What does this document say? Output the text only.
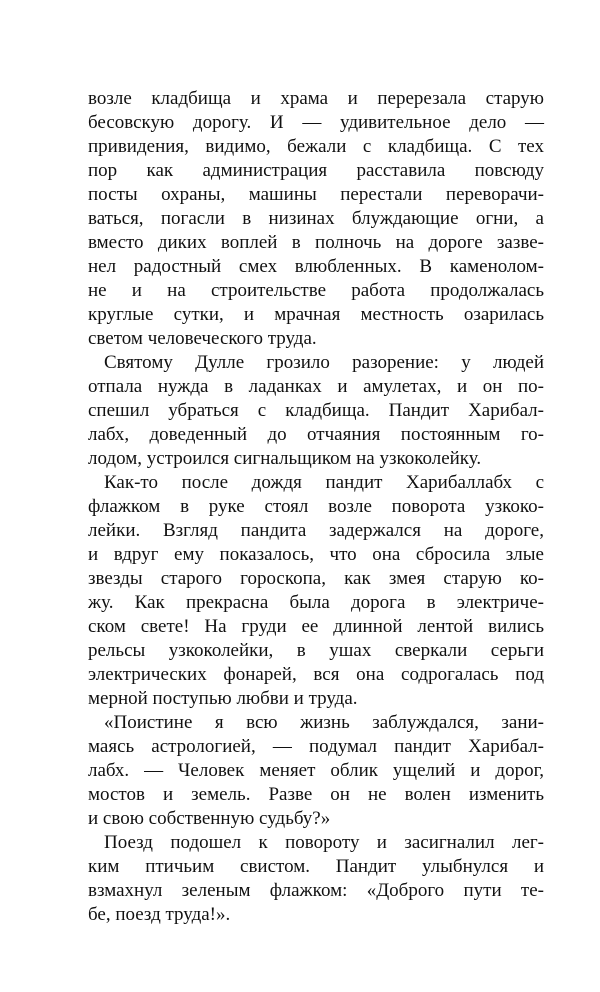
возле кладбища и храма и перерезала старую
бесовскую дорогу. И — удивительное дело —
привидения, видимо, бежали с кладбища. С тех
пор как администрация расставила повсюду
посты охраны, машины перестали переворачи-
ваться, погасли в низинах блуждающие огни, а
вместо диких воплей в полночь на дороге зазве-
нел радостный смех влюбленных. В каменолом-
не и на строительстве работа продолжалась
круглые сутки, и мрачная местность озарилась
светом человеческого труда.
Святому Дулле грозило разорение: у людей
отпала нужда в ладанках и амулетах, и он по-
спешил убраться с кладбища. Пандит Харибал-
лабх, доведенный до отчаяния постоянным го-
лодом, устроился сигнальщиком на узкоколейку.
Как-то после дождя пандит Харибаллабх с
флажком в руке стоял возле поворота узкоко-
лейки. Взгляд пандита задержался на дороге,
и вдруг ему показалось, что она сбросила злые
звезды старого гороскопа, как змея старую ко-
жу. Как прекрасна была дорога в электриче-
ском свете! На груди ее длинной лентой вились
рельсы узкоколейки, в ушах сверкали серьги
электрических фонарей, вся она содрогалась под
мерной поступью любви и труда.
«Поистине я всю жизнь заблуждался, зани-
маясь астрологией, — подумал пандит Харибал-
лабх. — Человек меняет облик ущелий и дорог,
мостов и земель. Разве он не волен изменить
и свою собственную судьбу?»
Поезд подошел к повороту и засигналил лег-
ким птичьим свистом. Пандит улыбнулся и
взмахнул зеленым флажком: «Доброго пути те-
бе, поезд труда!».
